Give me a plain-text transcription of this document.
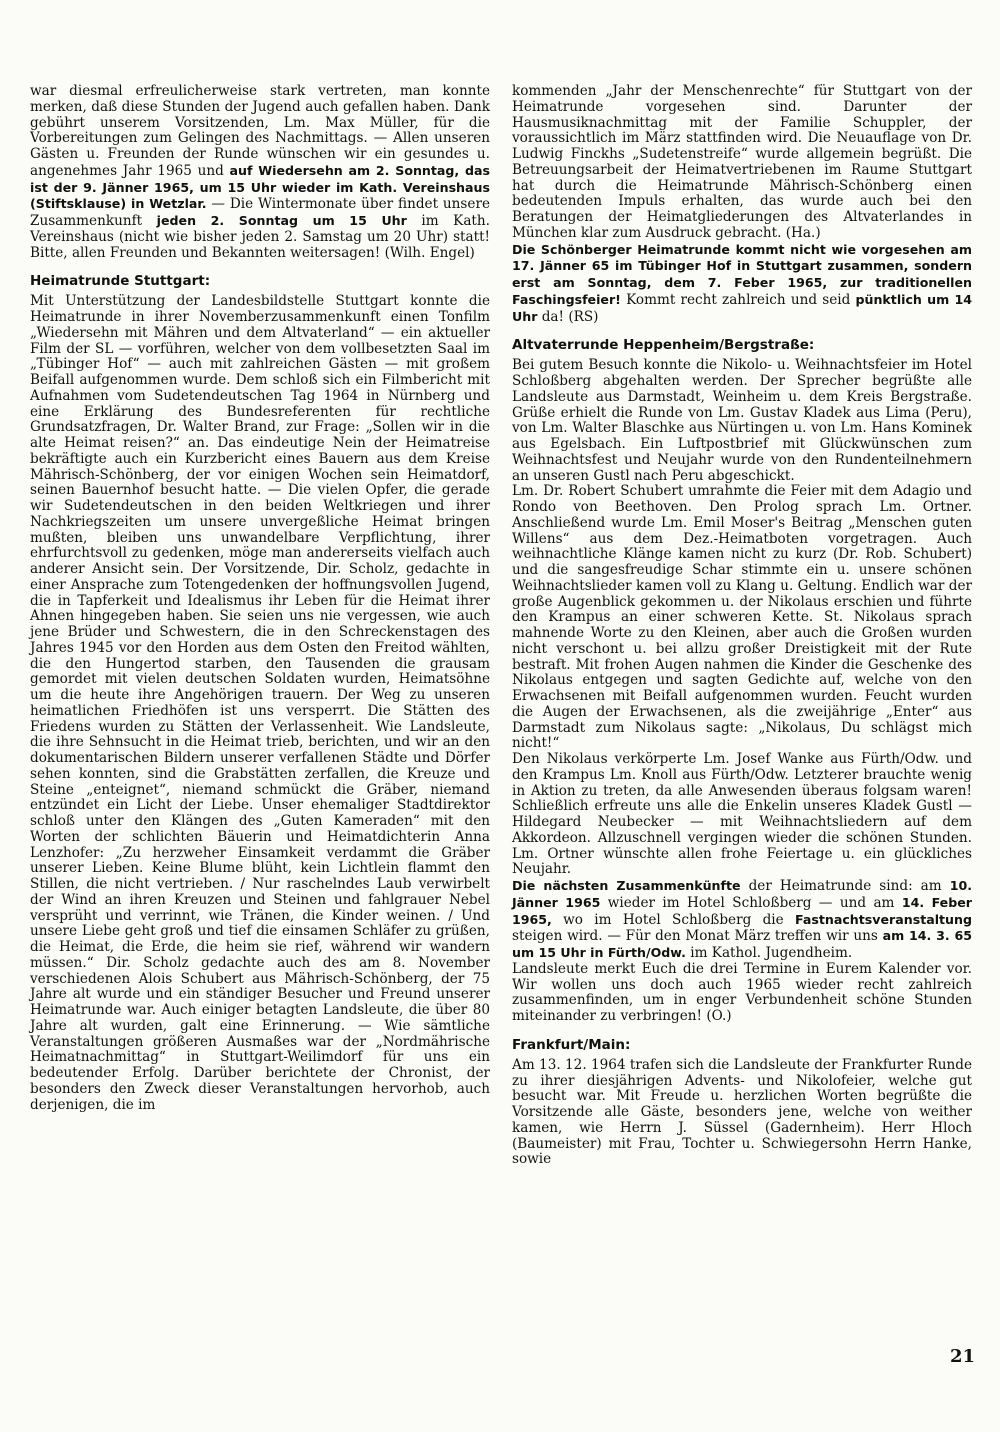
war diesmal erfreulicherweise stark vertreten, man konnte merken, daß diese Stunden der Jugend auch gefallen haben. Dank gebührt unserem Vorsitzenden, Lm. Max Müller, für die Vorbereitungen zum Gelingen des Nachmittags. — Allen unseren Gästen u. Freunden der Runde wünschen wir ein gesundes u. angenehmes Jahr 1965 und auf Wiedersehn am 2. Sonntag, das ist der 9. Jänner 1965, um 15 Uhr wieder im Kath. Vereinshaus (Stiftsklause) in Wetzlar. — Die Wintermonate über findet unsere Zusammenkunft jeden 2. Sonntag um 15 Uhr im Kath. Vereinshaus (nicht wie bisher jeden 2. Samstag um 20 Uhr) statt! Bitte, allen Freunden und Bekannten weitersagen! (Wilh. Engel)

Heimatrunde Stuttgart:

Mit Unterstützung der Landesbildstelle Stuttgart konnte die Heimatrunde in ihrer Novemberzusammenkunft einen Tonfilm „Wiedersehn mit Mähren und dem Altvaterland“ — ein aktueller Film der SL — vorführen, welcher von dem vollbesetzten Saal im „Tübinger Hof“ — auch mit zahlreichen Gästen — mit großem Beifall aufgenommen wurde. Dem schloß sich ein Filmbericht mit Aufnahmen vom Sudetendeutschen Tag 1964 in Nürnberg und eine Erklärung des Bundesreferenten für rechtliche Grundsatzfragen, Dr. Walter Brand, zur Frage: „Sollen wir in die alte Heimat reisen?“ an. Das eindeutige Nein der Heimatreise bekräftigte auch ein Kurzbericht eines Bauern aus dem Kreise Mährisch-Schönberg, der vor einigen Wochen sein Heimatdorf, seinen Bauernhof besucht hatte. — Die vielen Opfer, die gerade wir Sudetendeutschen in den beiden Weltkriegen und ihrer Nachkriegszeiten um unsere unvergeßliche Heimat bringen mußten, bleiben uns unwandelbare Verpflichtung, ihrer ehrfurchtsvoll zu gedenken, möge man andererseits vielfach auch anderer Ansicht sein. Der Vorsitzende, Dir. Scholz, gedachte in einer Ansprache zum Totengedenken der hoffnungsvollen Jugend, die in Tapferkeit und Idealismus ihr Leben für die Heimat ihrer Ahnen hingegeben haben. Sie seien uns nie vergessen, wie auch jene Brüder und Schwestern, die in den Schreckenstagen des Jahres 1945 vor den Horden aus dem Osten den Freitod wählten, die den Hungertod starben, den Tausenden die grausam gemordet mit vielen deutschen Soldaten wurden, Heimatsöhne um die heute ihre Angehörigen trauern. Der Weg zu unseren heimatlichen Friedhöfen ist uns versperrt. Die Stätten des Friedens wurden zu Stätten der Verlassenheit. Wie Landsleute, die ihre Sehnsucht in die Heimat trieb, berichten, und wir an den dokumentarischen Bildern unserer verfallenen Städte und Dörfer sehen konnten, sind die Grabstätten zerfallen, die Kreuze und Steine „enteignet“, niemand schmückt die Gräber, niemand entzündet ein Licht der Liebe. Unser ehemaliger Stadtdirektor schloß unter den Klängen des „Guten Kameraden“ mit den Worten der schlichten Bäuerin und Heimatdichterin Anna Lenzhofer: „Zu herzweher Einsamkeit verdammt die Gräber unserer Lieben. Keine Blume blüht, kein Lichtlein flammt den Stillen, die nicht vertrieben. / Nur raschelndes Laub verwirbelt der Wind an ihren Kreuzen und Steinen und fahlgrauer Nebel versprüht und verrinnt, wie Tränen, die Kinder weinen. / Und unsere Liebe geht groß und tief die einsamen Schläfer zu grüßen, die Heimat, die Erde, die heim sie rief, während wir wandern müssen.“ Dir. Scholz gedachte auch des am 8. November verschiedenen Alois Schubert aus Mährisch-Schönberg, der 75 Jahre alt wurde und ein ständiger Besucher und Freund unserer Heimatrunde war. Auch einiger betagten Landsleute, die über 80 Jahre alt wurden, galt eine Erinnerung. — Wie sämtliche Veranstaltungen größeren Ausmaßes war der „Nordmährische Heimatnachmittag“ in Stuttgart-Weilimdorf für uns ein bedeutender Erfolg. Darüber berichtete der Chronist, der besonders den Zweck dieser Veranstaltungen hervorhob, auch derjenigen, die im

kommenden „Jahr der Menschenrechte“ für Stuttgart von der Heimatrunde vorgesehen sind. Darunter der Hausmusiknachmittag mit der Familie Schuppler, der voraussichtlich im März stattfinden wird. Die Neuauflage von Dr. Ludwig Finckhs „Sudetenstreife“ wurde allgemein begrüßt. Die Betreuungsarbeit der Heimatvertriebenen im Raume Stuttgart hat durch die Heimatrunde Mährisch-Schönberg einen bedeutenden Impuls erhalten, das wurde auch bei den Beratungen der Heimatgliederungen des Altvaterlandes in München klar zum Ausdruck gebracht. (Ha.)

Die Schönberger Heimatrunde kommt nicht wie vorgesehen am 17. Jänner 65 im Tübinger Hof in Stuttgart zusammen, sondern erst am Sonntag, dem 7. Feber 1965, zur traditionellen Faschingsfeier! Kommt recht zahlreich und seid pünktlich um 14 Uhr da! (RS)

Altvaterrunde Heppenheim/Bergstraße:

Bei gutem Besuch konnte die Nikolo- u. Weihnachtsfeier im Hotel Schloßberg abgehalten werden. Der Sprecher begrüßte alle Landsleute aus Darmstadt, Weinheim u. dem Kreis Bergstraße. Grüße erhielt die Runde von Lm. Gustav Kladek aus Lima (Peru), von Lm. Walter Blaschke aus Nürtingen u. von Lm. Hans Kominek aus Egelsbach. Ein Luftpostbrief mit Glückwünschen zum Weihnachtsfest und Neujahr wurde von den Rundenteilnehmern an unseren Gustl nach Peru abgeschickt.

Lm. Dr. Robert Schubert umrahmte die Feier mit dem Adagio und Rondo von Beethoven. Den Prolog sprach Lm. Ortner. Anschließend wurde Lm. Emil Moser's Beitrag „Menschen guten Willens“ aus dem Dez.-Heimatboten vorgetragen. Auch weihnachtliche Klänge kamen nicht zu kurz (Dr. Rob. Schubert) und die sangesfreudige Schar stimmte ein u. unsere schönen Weihnachtslieder kamen voll zu Klang u. Geltung. Endlich war der große Augenblick gekommen u. der Nikolaus erschien und führte den Krampus an einer schweren Kette. St. Nikolaus sprach mahnende Worte zu den Kleinen, aber auch die Großen wurden nicht verschont u. bei allzu großer Dreistigkeit mit der Rute bestraft. Mit frohen Augen nahmen die Kinder die Geschenke des Nikolaus entgegen und sagten Gedichte auf, welche von den Erwachsenen mit Beifall aufgenommen wurden. Feucht wurden die Augen der Erwachsenen, als die zweijährige „Enter“ aus Darmstadt zum Nikolaus sagte: „Nikolaus, Du schlägst mich nicht!“

Den Nikolaus verkörperte Lm. Josef Wanke aus Fürth/Odw. und den Krampus Lm. Knoll aus Fürth/Odw. Letzterer brauchte wenig in Aktion zu treten, da alle Anwesenden überaus folgsam waren! Schließlich erfreute uns alle die Enkelin unseres Kladek Gustl — Hildegard Neubecker — mit Weihnachtsliedern auf dem Akkordeon. Allzuschnell vergingen wieder die schönen Stunden. Lm. Ortner wünschte allen frohe Feiertage u. ein glückliches Neujahr.

Die nächsten Zusammenkünfte der Heimatrunde sind: am 10. Jänner 1965 wieder im Hotel Schloßberg — und am 14. Feber 1965, wo im Hotel Schloßberg die Fastnachtsveranstaltung steigen wird. — Für den Monat März treffen wir uns am 14. 3. 65 um 15 Uhr in Fürth/Odw. im Kathol. Jugendheim.

Landsleute merkt Euch die drei Termine in Eurem Kalender vor. Wir wollen uns doch auch 1965 wieder recht zahlreich zusammenfinden, um in enger Verbundenheit schöne Stunden miteinander zu verbringen! (O.)

Frankfurt/Main:

Am 13. 12. 1964 trafen sich die Landsleute der Frankfurter Runde zu ihrer diesjährigen Advents- und Nikolofeier, welche gut besucht war. Mit Freude u. herzlichen Worten begrüßte die Vorsitzende alle Gäste, besonders jene, welche von weither kamen, wie Herrn J. Süssel (Gadernheim). Herr Hloch (Baumeister) mit Frau, Tochter u. Schwiegersohn Herrn Hanke, sowie

21
